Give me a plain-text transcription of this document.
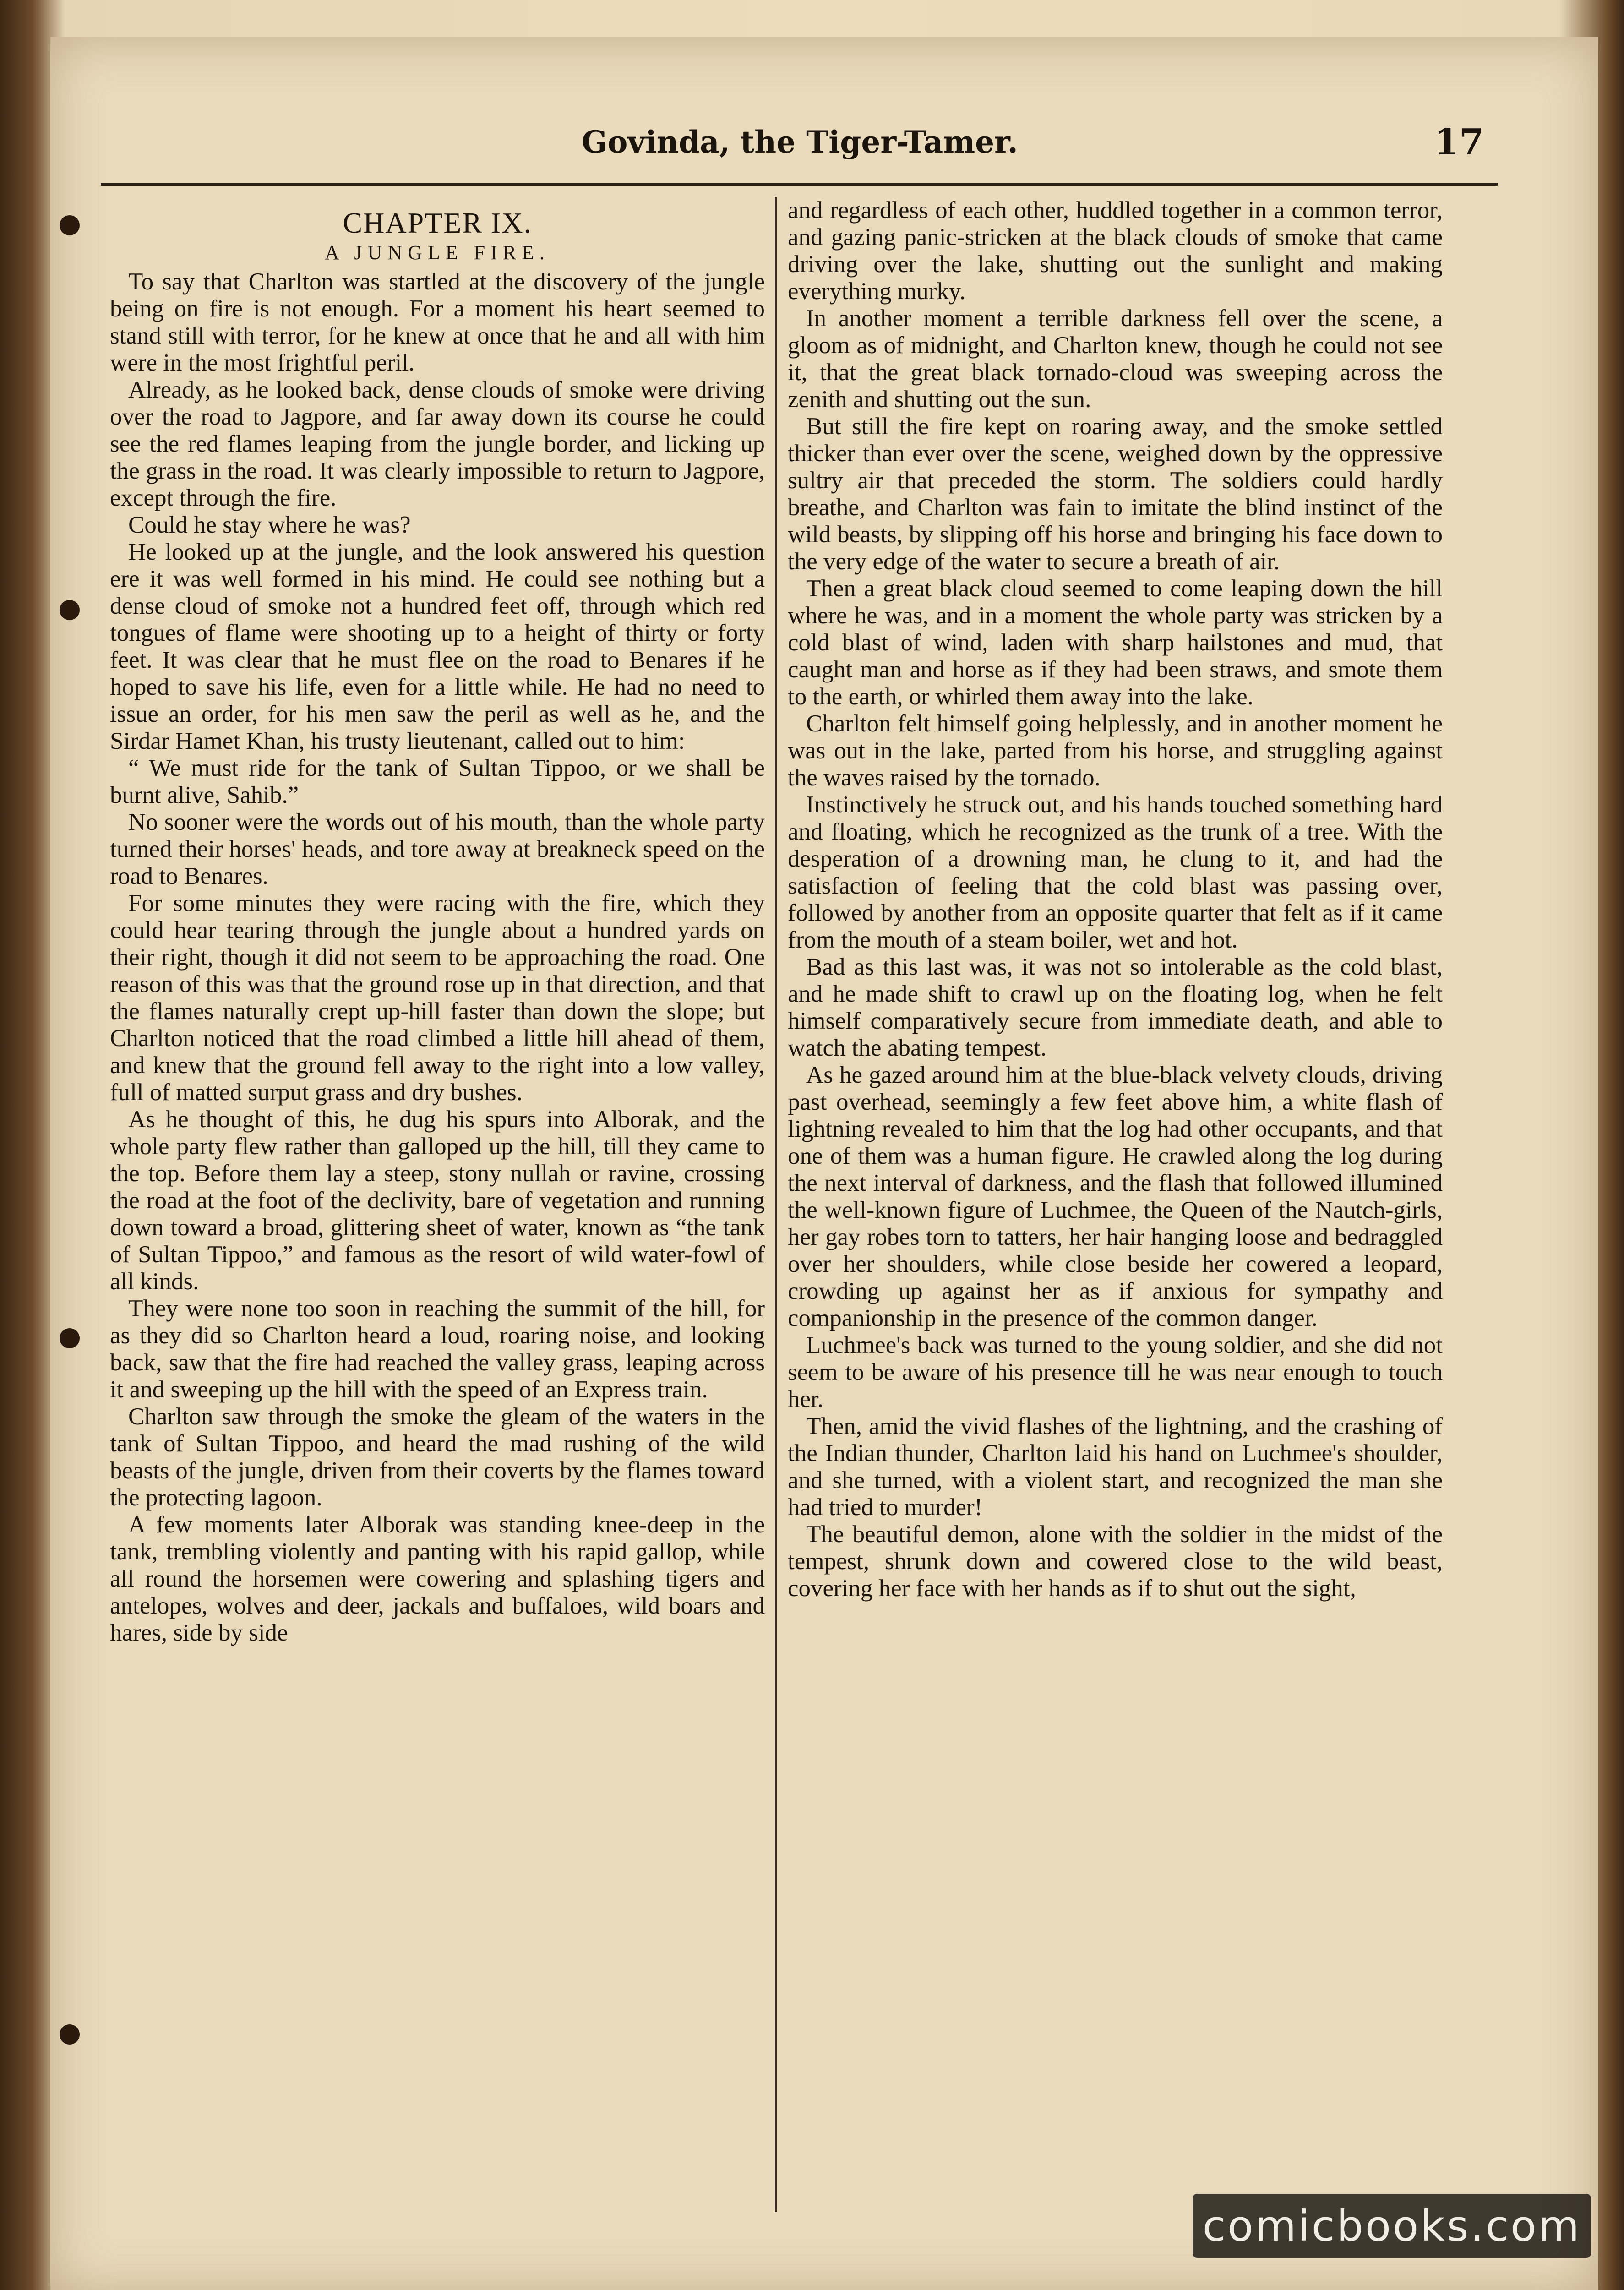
Govinda, the Tiger-Tamer.	17
CHAPTER IX.
A JUNGLE FIRE.

To say that Charlton was startled at the discovery of the jungle being on fire is not enough. For a moment his heart seemed to stand still with terror, for he knew at once that he and all with him were in the most frightful peril.

Already, as he looked back, dense clouds of smoke were driving over the road to Jagpore, and far away down its course he could see the red flames leaping from the jungle border, and licking up the grass in the road. It was clearly impossible to return to Jagpore, except through the fire.

Could he stay where he was?

He looked up at the jungle, and the look answered his question ere it was well formed in his mind. He could see nothing but a dense cloud of smoke not a hundred feet off, through which red tongues of flame were shooting up to a height of thirty or forty feet. It was clear that he must flee on the road to Benares if he hoped to save his life, even for a little while. He had no need to issue an order, for his men saw the peril as well as he, and the Sirdar Hamet Khan, his trusty lieutenant, called out to him:

“ We must ride for the tank of Sultan Tippoo, or we shall be burnt alive, Sahib.”

No sooner were the words out of his mouth, than the whole party turned their horses' heads, and tore away at breakneck speed on the road to Benares.

For some minutes they were racing with the fire, which they could hear tearing through the jungle about a hundred yards on their right, though it did not seem to be approaching the road. One reason of this was that the ground rose up in that direction, and that the flames naturally crept up-hill faster than down the slope; but Charlton noticed that the road climbed a little hill ahead of them, and knew that the ground fell away to the right into a low valley, full of matted surput grass and dry bushes.

As he thought of this, he dug his spurs into Alborak, and the whole party flew rather than galloped up the hill, till they came to the top. Before them lay a steep, stony nullah or ravine, crossing the road at the foot of the declivity, bare of vegetation and running down toward a broad, glittering sheet of water, known as “the tank of Sultan Tippoo,” and famous as the resort of wild water-fowl of all kinds.

They were none too soon in reaching the summit of the hill, for as they did so Charlton heard a loud, roaring noise, and looking back, saw that the fire had reached the valley grass, leaping across it and sweeping up the hill with the speed of an Express train.

Charlton saw through the smoke the gleam of the waters in the tank of Sultan Tippoo, and heard the mad rushing of the wild beasts of the jungle, driven from their coverts by the flames toward the protecting lagoon.

A few moments later Alborak was standing knee-deep in the tank, trembling violently and panting with his rapid gallop, while all round the horsemen were cowering and splashing tigers and antelopes, wolves and deer, jackals and buffaloes, wild boars and hares, side by side

and regardless of each other, huddled together in a common terror, and gazing panic-stricken at the black clouds of smoke that came driving over the lake, shutting out the sunlight and making everything murky.

In another moment a terrible darkness fell over the scene, a gloom as of midnight, and Charlton knew, though he could not see it, that the great black tornado-cloud was sweeping across the zenith and shutting out the sun.

But still the fire kept on roaring away, and the smoke settled thicker than ever over the scene, weighed down by the oppressive sultry air that preceded the storm. The soldiers could hardly breathe, and Charlton was fain to imitate the blind instinct of the wild beasts, by slipping off his horse and bringing his face down to the very edge of the water to secure a breath of air.

Then a great black cloud seemed to come leaping down the hill where he was, and in a moment the whole party was stricken by a cold blast of wind, laden with sharp hailstones and mud, that caught man and horse as if they had been straws, and smote them to the earth, or whirled them away into the lake.

Charlton felt himself going helplessly, and in another moment he was out in the lake, parted from his horse, and struggling against the waves raised by the tornado.

Instinctively he struck out, and his hands touched something hard and floating, which he recognized as the trunk of a tree. With the desperation of a drowning man, he clung to it, and had the satisfaction of feeling that the cold blast was passing over, followed by another from an opposite quarter that felt as if it came from the mouth of a steam boiler, wet and hot.

Bad as this last was, it was not so intolerable as the cold blast, and he made shift to crawl up on the floating log, when he felt himself comparatively secure from immediate death, and able to watch the abating tempest.

As he gazed around him at the blue-black velvety clouds, driving past overhead, seemingly a few feet above him, a white flash of lightning revealed to him that the log had other occupants, and that one of them was a human figure. He crawled along the log during the next interval of darkness, and the flash that followed illumined the well-known figure of Luchmee, the Queen of the Nautch-girls, her gay robes torn to tatters, her hair hanging loose and bedraggled over her shoulders, while close beside her cowered a leopard, crowding up against her as if anxious for sympathy and companionship in the presence of the common danger.

Luchmee's back was turned to the young soldier, and she did not seem to be aware of his presence till he was near enough to touch her.

Then, amid the vivid flashes of the lightning, and the crashing of the Indian thunder, Charlton laid his hand on Luchmee's shoulder, and she turned, with a violent start, and recognized the man she had tried to murder!

The beautiful demon, alone with the soldier in the midst of the tempest, shrunk down and cowered close to the wild beast, covering her face with her hands as if to shut out the sight,

comicbooks.com
